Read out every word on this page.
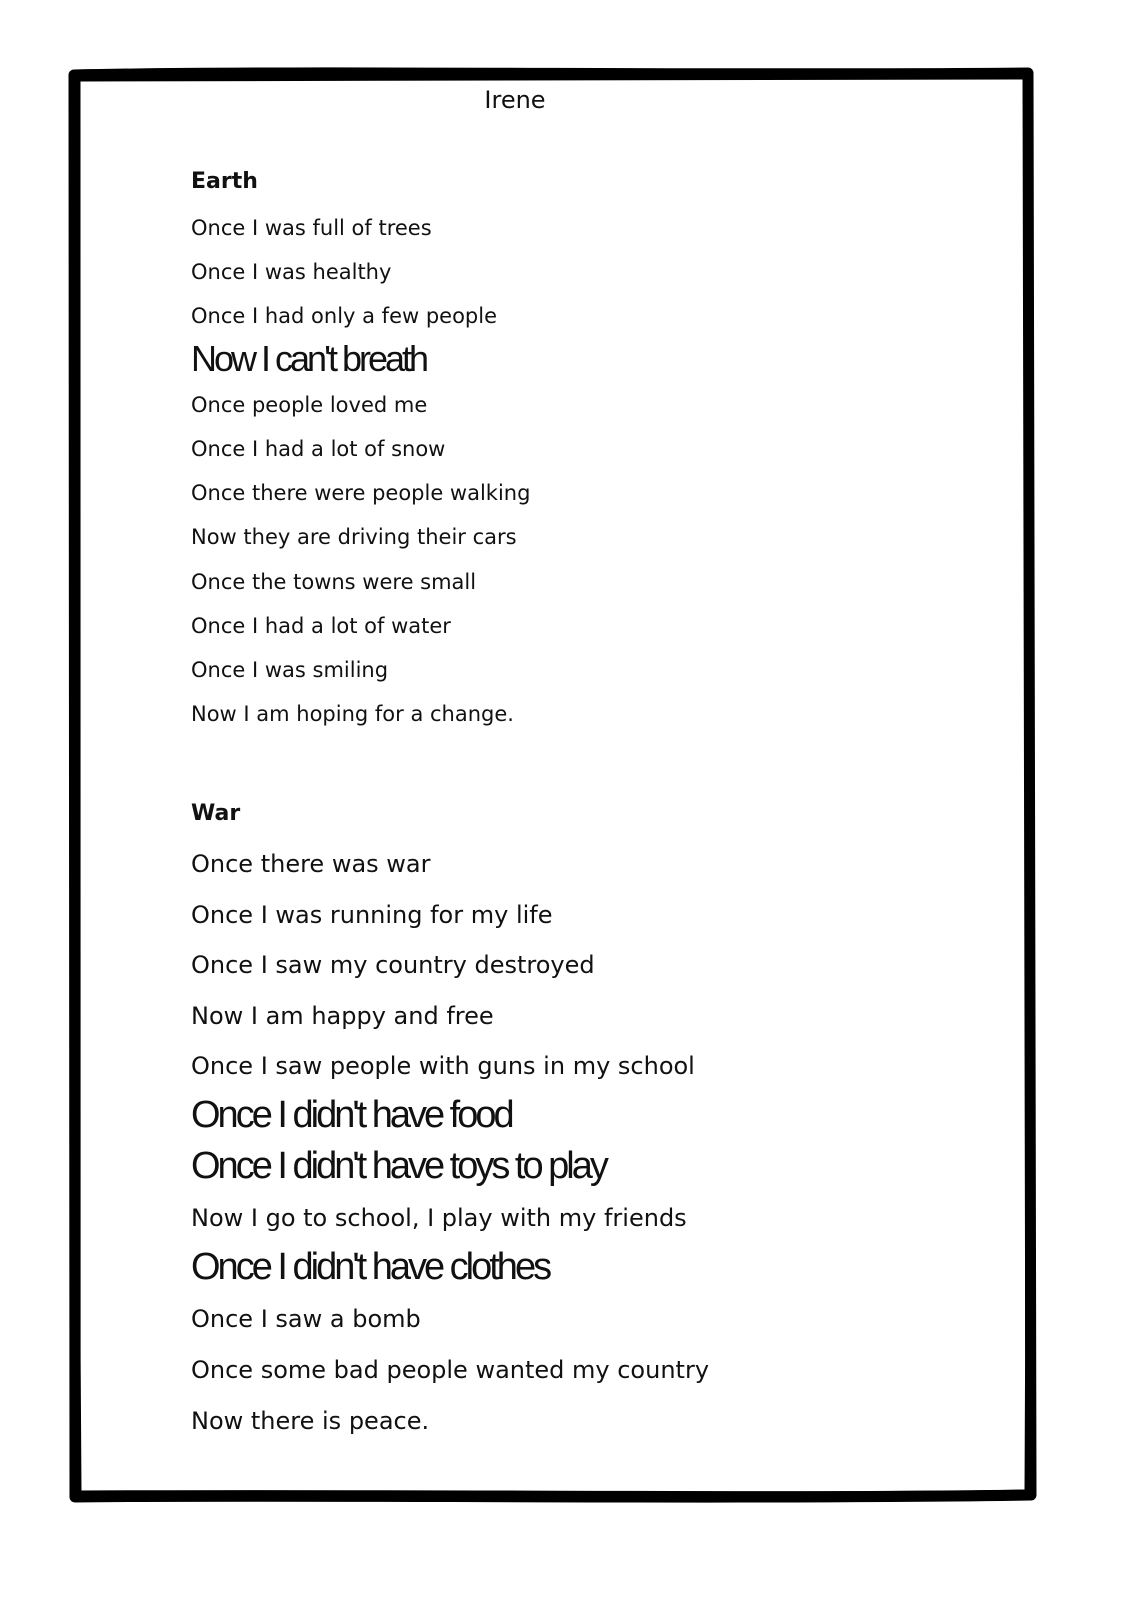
Irene
Earth
Once I was full of trees
Once I was healthy
Once I had only a few people
Now I can't breath
Once people loved me
Once I had a lot of snow
Once there were people walking
Now they are driving their cars
Once the towns were small
Once I had a lot of water
Once I was smiling
Now I am hoping for a change.
War
Once there was war
Once I was running for my life
Once I saw my country destroyed
Now I am happy and free
Once I saw people with guns in my school
Once I didn't have food
Once I didn't have toys to play
Now I go to school, I play with my friends
Once I didn't have clothes
Once I saw a bomb
Once some bad people wanted my country
Now there is peace.
